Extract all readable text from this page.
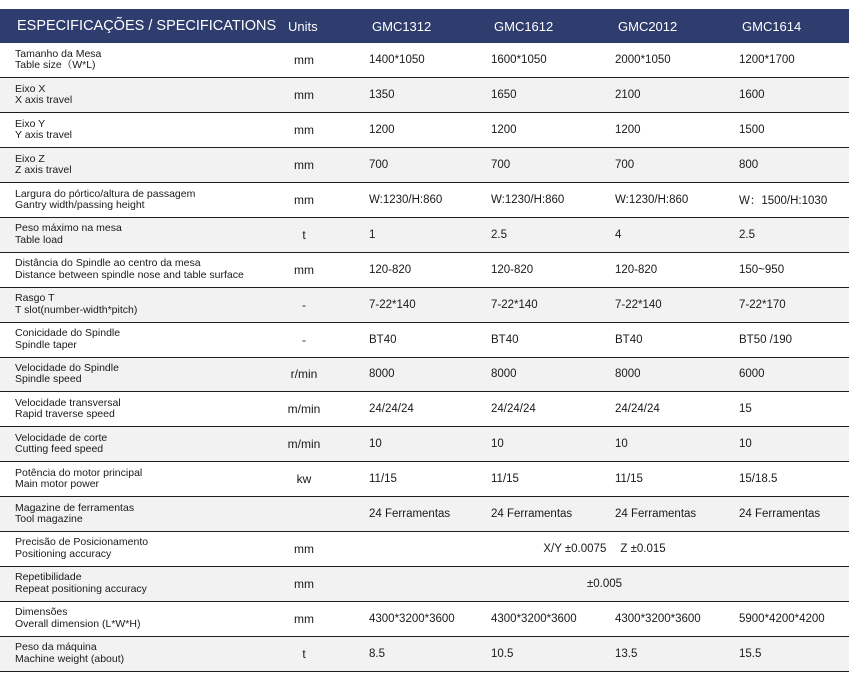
ESPECIFICAÇÕES / SPECIFICATIONS	Units	GMC1312	GMC1612	GMC2012	GMC1614

Tamanho da Mesa
Table size（W*L)	mm	1400*1050	1600*1050	2000*1050	1200*1700

Eixo X
X axis travel	mm	1350	1650	2100	1600

Eixo Y
Y axis travel	mm	1200	1200	1200	1500

Eixo Z
Z axis travel	mm	700	700	700	800

Largura do pórtico/altura de passagem
Gantry width/passing height	mm	W:1230/H:860	W:1230/H:860	W:1230/H:860	W：1500/H:1030

Peso máximo na mesa
Table load	t	1	2.5	4	2.5

Distância do Spindle ao centro da mesa
Distance between spindle nose and table surface	mm	120-820	120-820	120-820	150~950

Rasgo T
T slot(number-width*pitch)	-	7-22*140	7-22*140	7-22*140	7-22*170

Conicidade do Spindle
Spindle taper	-	BT40	BT40	BT40	BT50 /190

Velocidade do Spindle
Spindle speed	r/min	8000	8000	8000	6000

Velocidade transversal
Rapid traverse speed	m/min	24/24/24	24/24/24	24/24/24	15

Velocidade de corte
Cutting feed speed	m/min	10	10	10	10

Potência do motor principal
Main motor power	kw	11/15	11/15	11/15	15/18.5

Magazine de ferramentas
Tool magazine		24 Ferramentas	24 Ferramentas	24 Ferramentas	24 Ferramentas

Precisão de Posicionamento
Positioning accuracy	mm	X/Y ±0.0075 Z ±0.015			

Repetibilidade
Repeat positioning accuracy	mm	±0.005			

Dimensões
Overall dimension (L*W*H)	mm	4300*3200*3600	4300*3200*3600	4300*3200*3600	5900*4200*4200

Peso da máquina
Machine weight (about)	t	8.5	10.5	13.5	15.5
